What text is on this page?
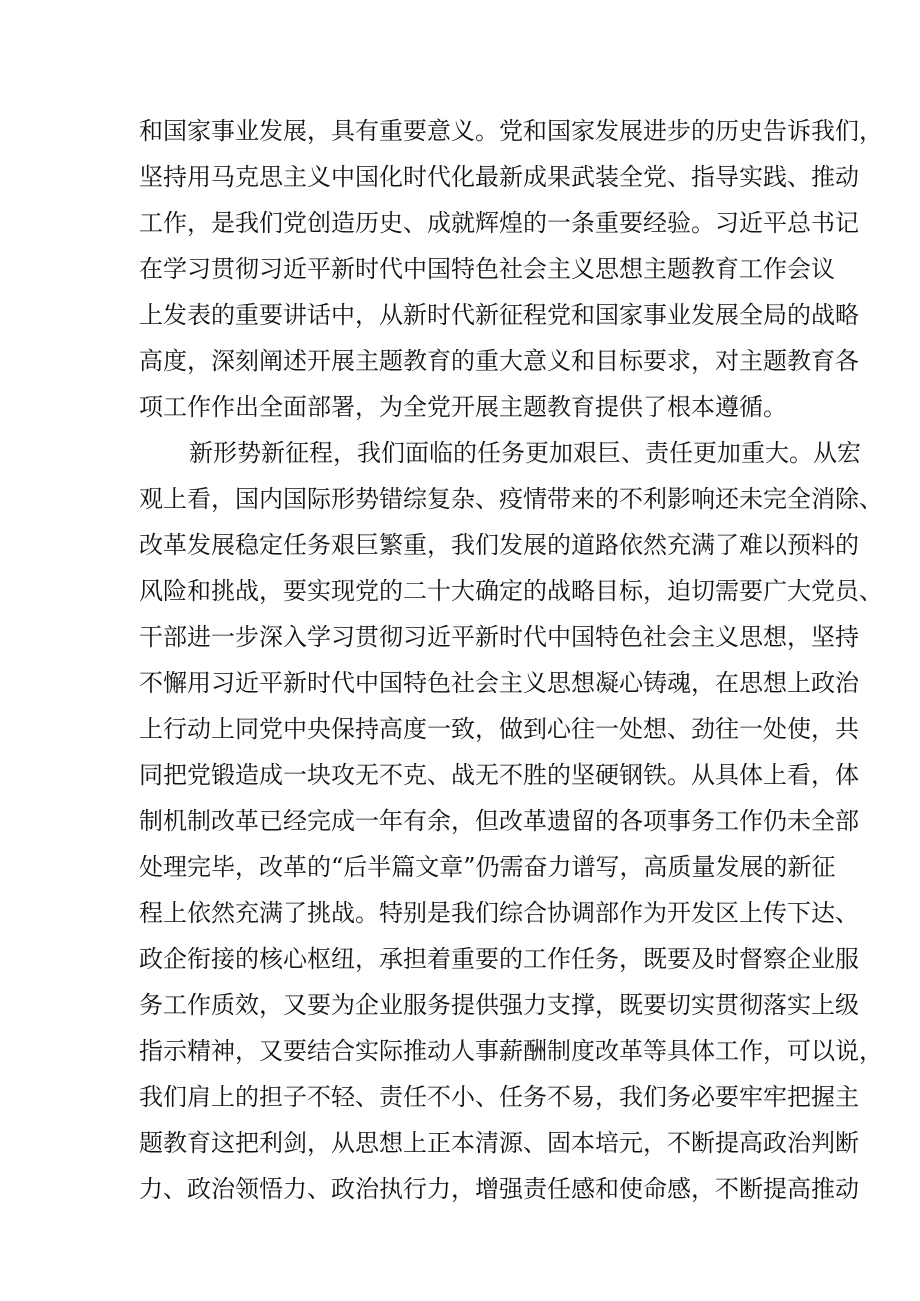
和国家事业发展，具有重要意义。党和国家发展进步的历史告诉我们，
坚持用马克思主义中国化时代化最新成果武装全党、指导实践、推动
工作，是我们党创造历史、成就辉煌的一条重要经验。习近平总书记
在学习贯彻习近平新时代中国特色社会主义思想主题教育工作会议
上发表的重要讲话中，从新时代新征程党和国家事业发展全局的战略
高度，深刻阐述开展主题教育的重大意义和目标要求，对主题教育各
项工作作出全面部署，为全党开展主题教育提供了根本遵循。
新形势新征程，我们面临的任务更加艰巨、责任更加重大。从宏
观上看，国内国际形势错综复杂、疫情带来的不利影响还未完全消除、
改革发展稳定任务艰巨繁重，我们发展的道路依然充满了难以预料的
风险和挑战，要实现党的二十大确定的战略目标，迫切需要广大党员、
干部进一步深入学习贯彻习近平新时代中国特色社会主义思想，坚持
不懈用习近平新时代中国特色社会主义思想凝心铸魂，在思想上政治
上行动上同党中央保持高度一致，做到心往一处想、劲往一处使，共
同把党锻造成一块攻无不克、战无不胜的坚硬钢铁。从具体上看，体
制机制改革已经完成一年有余，但改革遗留的各项事务工作仍未全部
处理完毕，改革的“后半篇文章”仍需奋力谱写，高质量发展的新征
程上依然充满了挑战。特别是我们综合协调部作为开发区上传下达、
政企衔接的核心枢纽，承担着重要的工作任务，既要及时督察企业服
务工作质效，又要为企业服务提供强力支撑，既要切实贯彻落实上级
指示精神，又要结合实际推动人事薪酬制度改革等具体工作，可以说，
我们肩上的担子不轻、责任不小、任务不易，我们务必要牢牢把握主
题教育这把利剑，从思想上正本清源、固本培元，不断提高政治判断
力、政治领悟力、政治执行力，增强责任感和使命感，不断提高推动
